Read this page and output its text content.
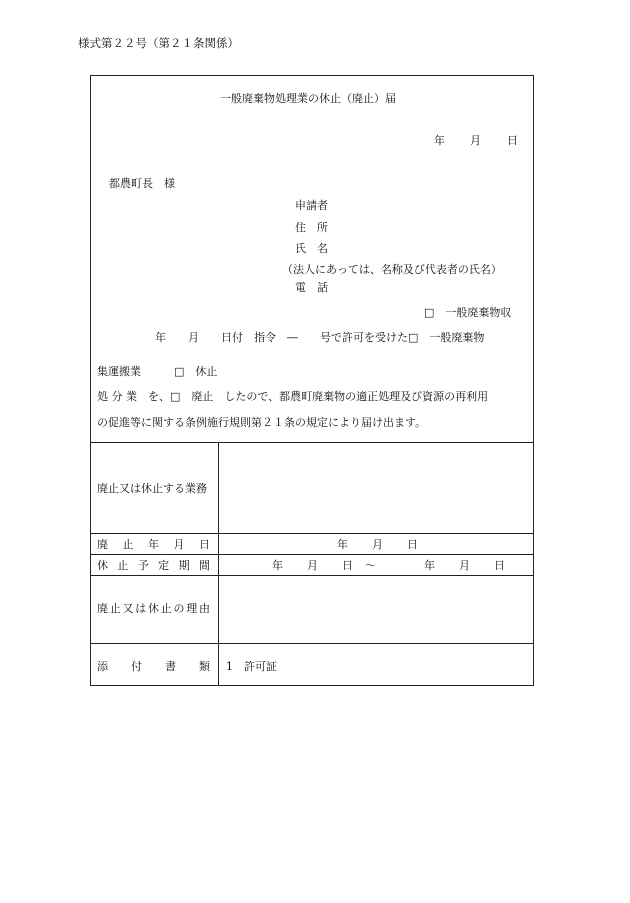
様式第２２号（第２１条関係）
一般廃棄物処理業の休止（廃止）届
年 月 日
都農町長　様
申請者
住　所
氏　名
（法人にあっては、名称及び代表者の氏名）
電　話
□　一般廃棄物収
年　　月　　日付　指令　―　　号で許可を受けた□　一般廃棄物
集運搬業　　　□　休止
処 分 業　を、□　廃止　したので、都農町廃棄物の適正処理及び資源の再利用
の促進等に関する条例施行規則第２１条の規定により届け出ます。
廃止又は休止する業務
廃 止 年 月 日	年 月 日
休 止 予 定 期 間	年 月 日 〜	年 月 日
廃 止 又 は 休 止 の 理 由
添 付 書 類 1　許可証
